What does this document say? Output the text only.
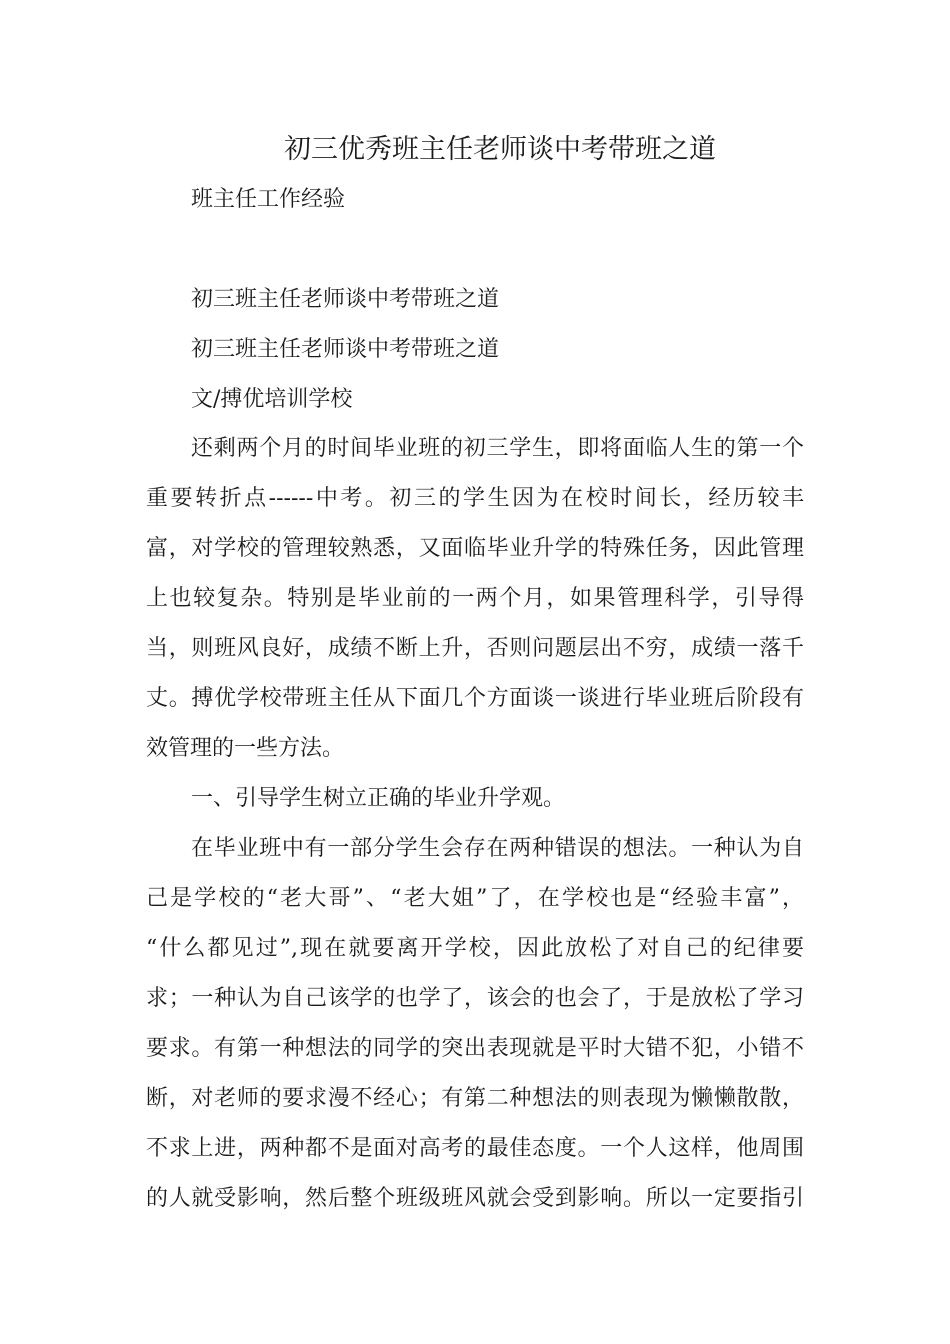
初三优秀班主任老师谈中考带班之道
班主任工作经验
初三班主任老师谈中考带班之道
初三班主任老师谈中考带班之道
文/搏优培训学校
还剩两个月的时间毕业班的初三学生，即将面临人生的第一个
重要转折点------中考。初三的学生因为在校时间长，经历较丰
富，对学校的管理较熟悉，又面临毕业升学的特殊任务，因此管理
上也较复杂。特别是毕业前的一两个月，如果管理科学，引导得
当，则班风良好，成绩不断上升，否则问题层出不穷，成绩一落千
丈。搏优学校带班主任从下面几个方面谈一谈进行毕业班后阶段有
效管理的一些方法。
一、引导学生树立正确的毕业升学观。
在毕业班中有一部分学生会存在两种错误的想法。一种认为自
己是学校的“老大哥”、“老大姐”了，在学校也是“经验丰富”，
“什么都见过”,现在就要离开学校，因此放松了对自己的纪律要
求；一种认为自己该学的也学了，该会的也会了，于是放松了学习
要求。有第一种想法的同学的突出表现就是平时大错不犯，小错不
断，对老师的要求漫不经心；有第二种想法的则表现为懒懒散散，
不求上进，两种都不是面对高考的最佳态度。一个人这样，他周围
的人就受影响，然后整个班级班风就会受到影响。所以一定要指引
